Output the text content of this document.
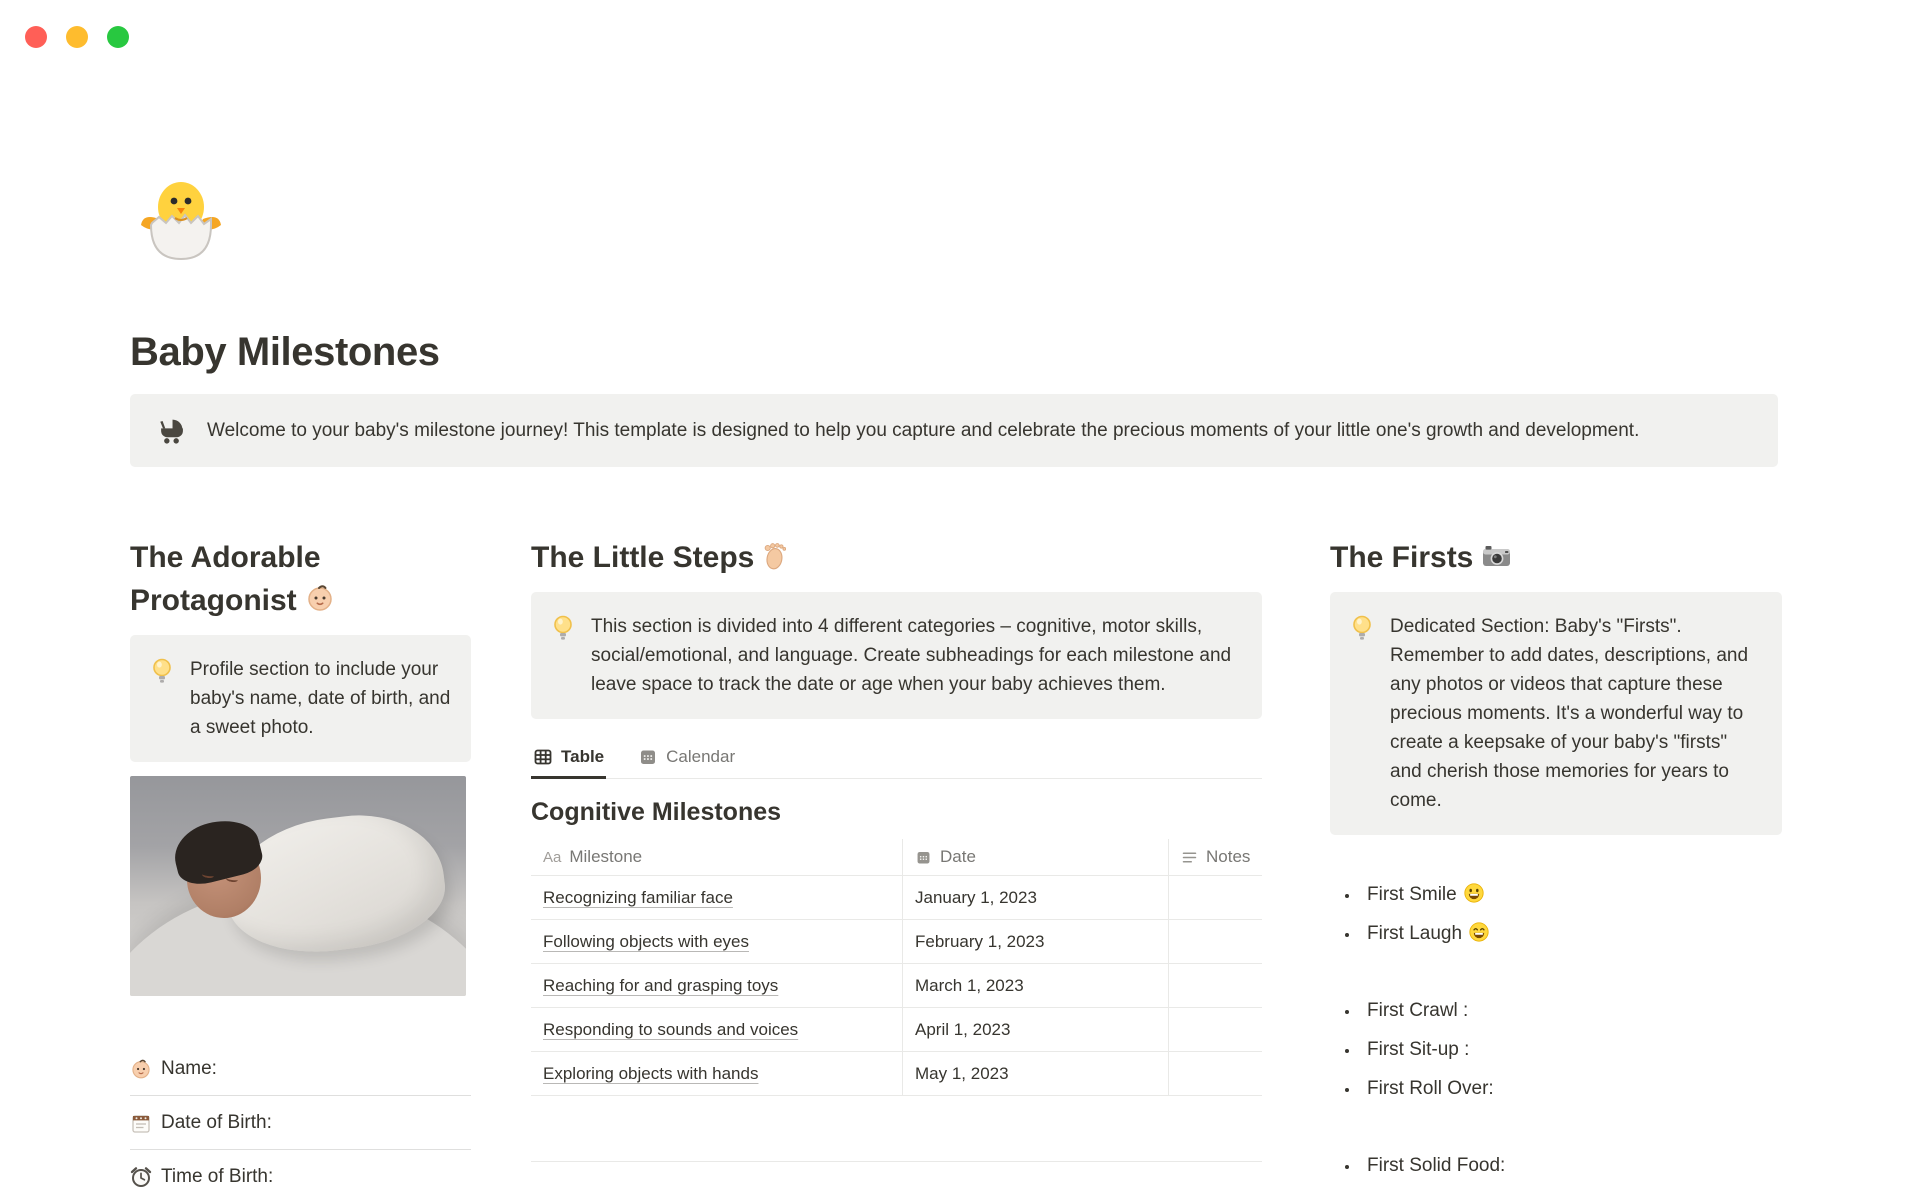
Baby Milestones

Welcome to your baby's milestone journey! This template is designed to help you capture and celebrate the precious moments of your little one's growth and development.

The Adorable Protagonist

Profile section to include your baby's name, date of birth, and a sweet photo.

Name:
Date of Birth:
Time of Birth:
The Little Steps

This section is divided into 4 different categories – cognitive, motor skills, social/emotional, and language. Create subheadings for each milestone and leave space to track the date or age when your baby achieves them.

Table	Calendar
Cognitive Milestones
Aa Milestone	Date	Notes
Recognizing familiar face	January 1, 2023
Following objects with eyes	February 1, 2023
Reaching for and grasping toys	March 1, 2023
Responding to sounds and voices	April 1, 2023
Exploring objects with hands	May 1, 2023
The Firsts

Dedicated Section: Baby's "Firsts". Remember to add dates, descriptions, and any photos or videos that capture these precious moments. It's a wonderful way to create a keepsake of your baby's "firsts" and cherish those memories for years to come.

• First Smile
• First Laugh
• First Crawl :
• First Sit-up :
• First Roll Over:
• First Solid Food:
